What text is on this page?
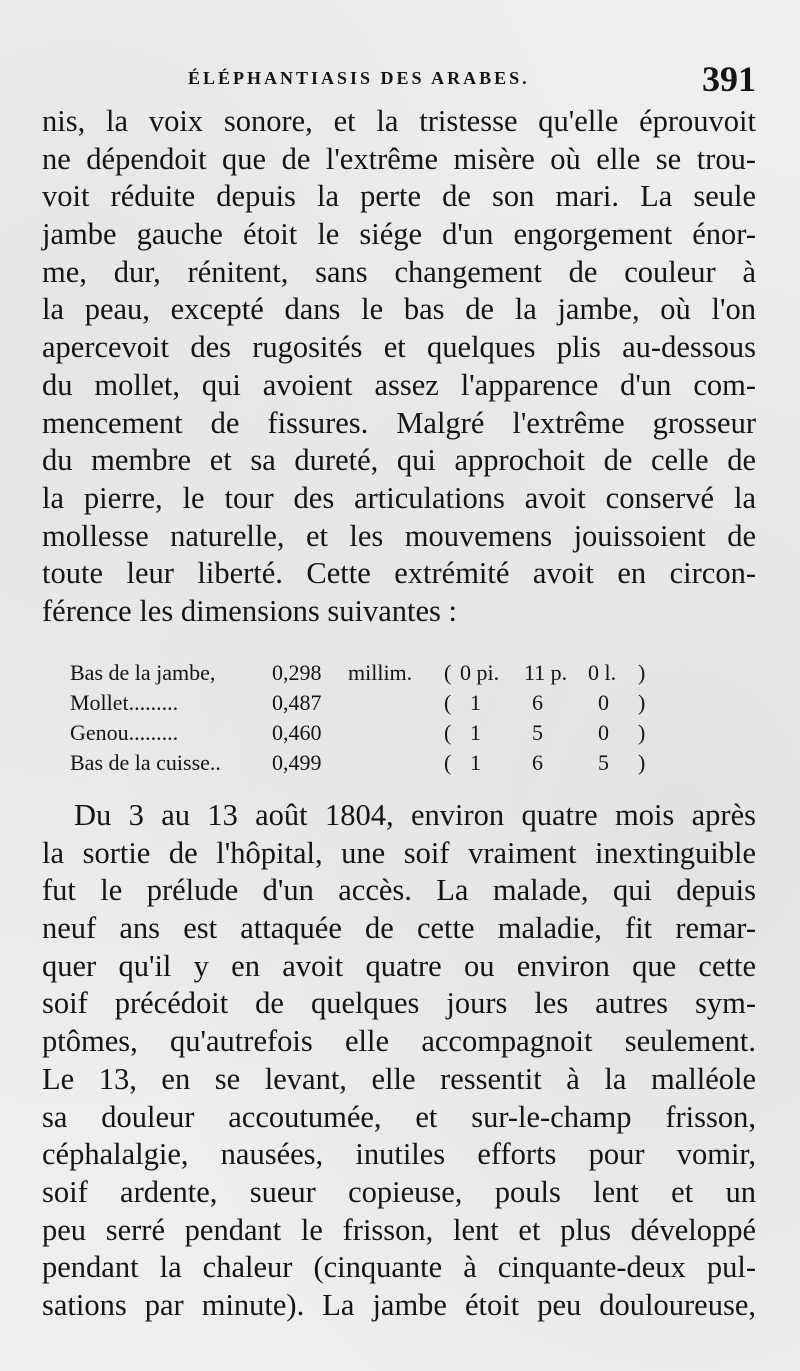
ÉLÉPHANTIASIS DES ARABES.	391
nis, la voix sonore, et la tristesse qu'elle éprouvoit
ne dépendoit que de l'extrême misère où elle se trou-
voit réduite depuis la perte de son mari. La seule
jambe gauche étoit le siége d'un engorgement énor-
me, dur, rénitent, sans changement de couleur à
la peau, excepté dans le bas de la jambe, où l'on
apercevoit des rugosités et quelques plis au-dessous
du mollet, qui avoient assez l'apparence d'un com-
mencement de fissures. Malgré l'extrême grosseur
du membre et sa dureté, qui approchoit de celle de
la pierre, le tour des articulations avoit conservé la
mollesse naturelle, et les mouvemens jouissoient de
toute leur liberté. Cette extrémité avoit en circon-
férence les dimensions suivantes :
Bas de la jambe,	0,298 millim. ( 0 pi. 11 p. 0 l. )
Mollet.........	0,487	( 1 6	0 )
Genou.........	0,460	( 1 5	0 )
Bas de la cuisse.. 0,499	( 1 6	5 )
Du 3 au 13 août 1804, environ quatre mois après
la sortie de l'hôpital, une soif vraiment inextinguible
fut le prélude d'un accès. La malade, qui depuis
neuf ans est attaquée de cette maladie, fit remar-
quer qu'il y en avoit quatre ou environ que cette
soif précédoit de quelques jours les autres sym-
ptômes, qu'autrefois elle accompagnoit seulement.
Le 13, en se levant, elle ressentit à la malléole
sa douleur accoutumée, et sur-le-champ frisson,
céphalalgie, nausées, inutiles efforts pour vomir,
soif ardente, sueur copieuse, pouls lent et un
peu serré pendant le frisson, lent et plus développé
pendant la chaleur (cinquante à cinquante-deux pul-
sations par minute). La jambe étoit peu douloureuse,
